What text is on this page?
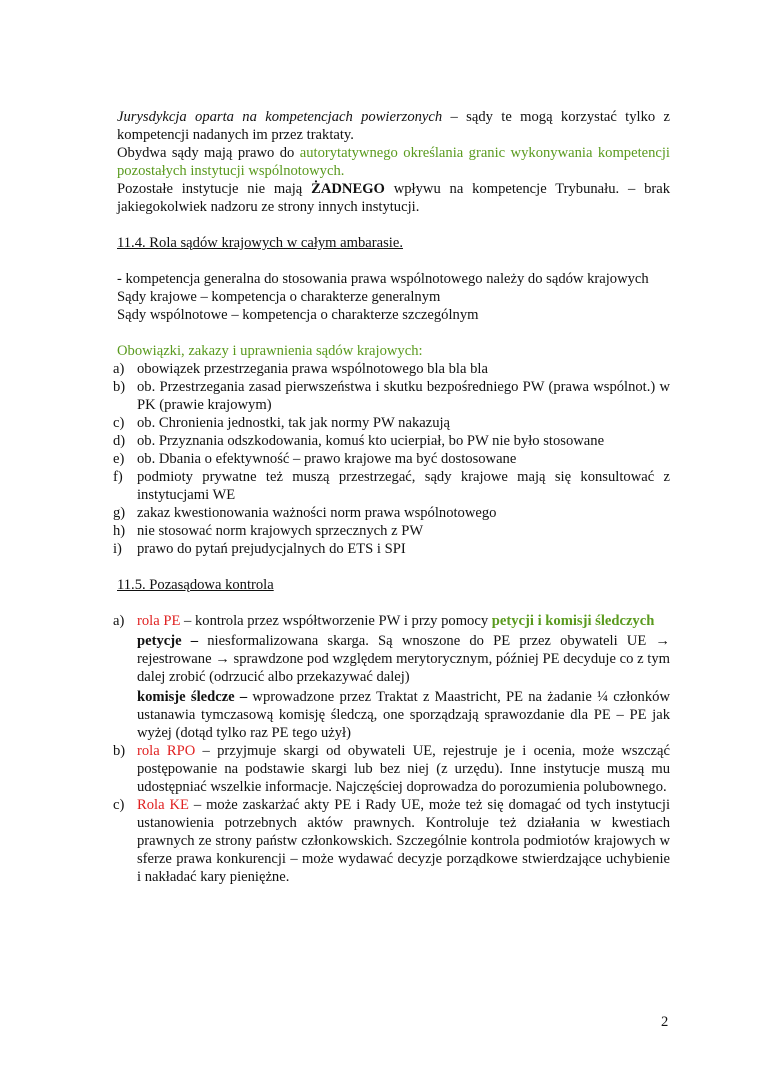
Jurysdykcja oparta na kompetencjach powierzonych – sądy te mogą korzystać tylko z kompetencji nadanych im przez traktaty.

Obydwa sądy mają prawo do autorytatywnego określania granic wykonywania kompetencji pozostałych instytucji wspólnotowych.

Pozostałe instytucje nie mają ŻADNEGO wpływu na kompetencje Trybunału. – brak jakiegokolwiek nadzoru ze strony innych instytucji.

11.4. Rola sądów krajowych w całym ambarasie.

- kompetencja generalna do stosowania prawa wspólnotowego należy do sądów krajowych

Sądy krajowe – kompetencja o charakterze generalnym

Sądy wspólnotowe – kompetencja o charakterze szczególnym

Obowiązki, zakazy i uprawnienia sądów krajowych:

a) obowiązek przestrzegania prawa wspólnotowego bla bla bla
b) ob. Przestrzegania zasad pierwszeństwa i skutku bezpośredniego PW (prawa wspólnot.) w PK (prawie krajowym)
c) ob. Chronienia jednostki, tak jak normy PW nakazują
d) ob. Przyznania odszkodowania, komuś kto ucierpiał, bo PW nie było stosowane
e) ob. Dbania o efektywność – prawo krajowe ma być dostosowane
f) podmioty prywatne też muszą przestrzegać, sądy krajowe mają się konsultować z instytucjami WE
g) zakaz kwestionowania ważności norm prawa wspólnotowego
h) nie stosować norm krajowych sprzecznych z PW
i) prawo do pytań prejudycjalnych do ETS i SPI

11.5. Pozasądowa kontrola

a) rola PE – kontrola przez współtworzenie PW i przy pomocy petycji i komisji śledczych

petycje – niesformalizowana skarga. Są wnoszone do PE przez obywateli UE → rejestrowane → sprawdzone pod względem merytorycznym, później PE decyduje co z tym dalej zrobić (odrzucić albo przekazywać dalej)

komisje śledcze – wprowadzone przez Traktat z Maastricht, PE na żadanie ¼ członków ustanawia tymczasową komisję śledczą, one sporządzają sprawozdanie dla PE – PE jak wyżej (dotąd tylko raz PE tego użył)

b) rola RPO – przyjmuje skargi od obywateli UE, rejestruje je i ocenia, może wszcząć postępowanie na podstawie skargi lub bez niej (z urzędu). Inne instytucje muszą mu udostępniać wszelkie informacje. Najczęściej doprowadza do porozumienia polubownego.
c) Rola KE – może zaskarżać akty PE i Rady UE, może też się domagać od tych instytucji ustanowienia potrzebnych aktów prawnych. Kontroluje też działania w kwestiach prawnych ze strony państw członkowskich. Szczególnie kontrola podmiotów krajowych w sferze prawa konkurencji – może wydawać decyzje porządkowe stwierdzające uchybienie i nakładać kary pieniężne.
2
